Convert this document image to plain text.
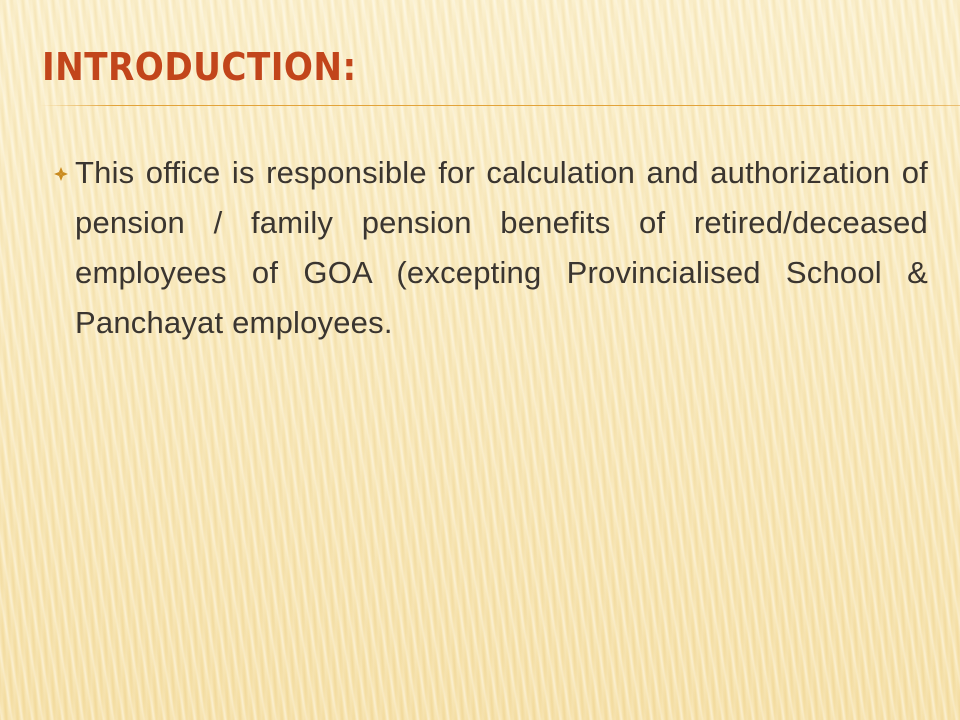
INTRODUCTION:

This office is responsible for calculation and authorization of pension / family pension benefits of retired/deceased employees of GOA (excepting Provincialised School & Panchayat employees.
